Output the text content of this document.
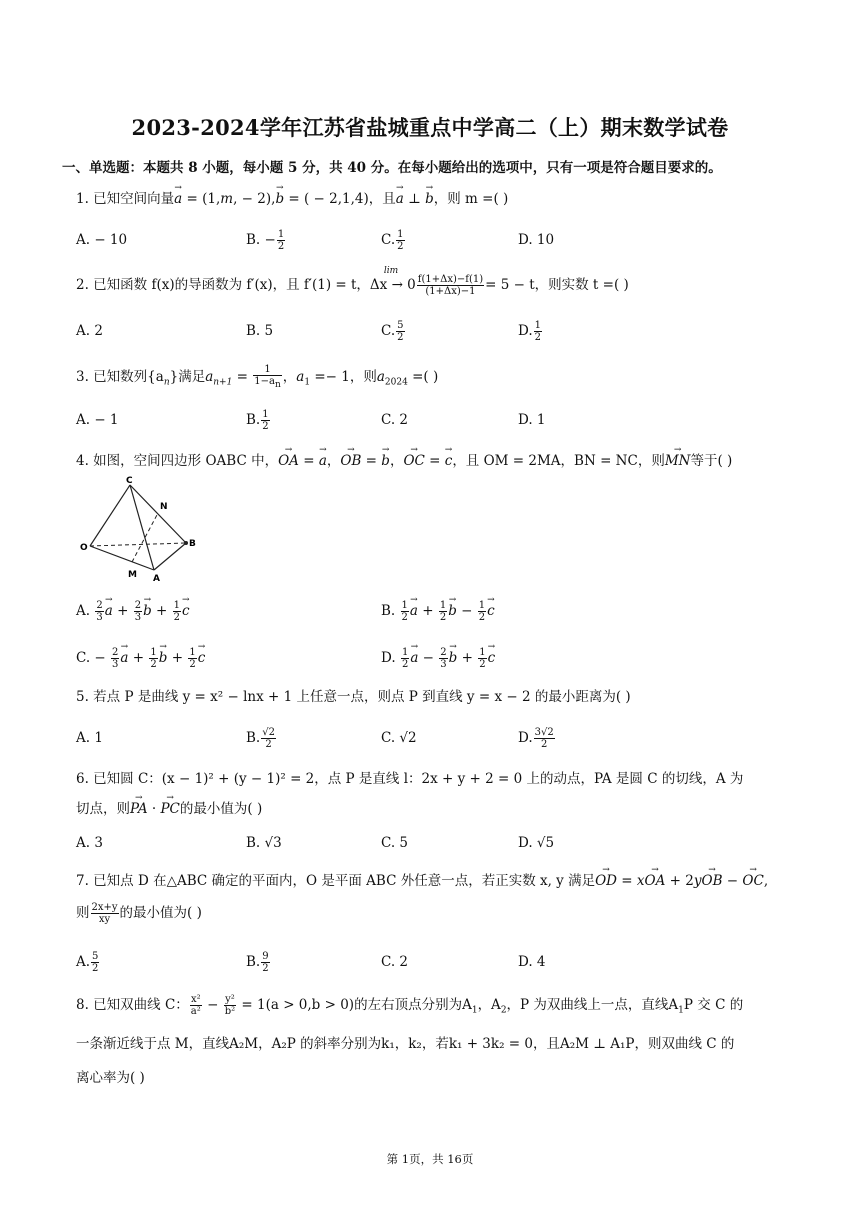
2023-2024学年江苏省盐城重点中学高二（上）期末数学试卷
一、单选题：本题共 8 小题，每小题 5 分，共 40 分。在每小题给出的选项中，只有一项是符合题目要求的。
1. 已知空间向量→ a = (1,m, − 2),→ b = ( − 2,1,4)，且→ a ⊥ → b，则 m =( )
A. − 10	B. − $\frac{1}{2}$	C. $\frac{1}{2}$	D. 10
2. 已知函数 f(x)的导函数为 f′(x)，且 f′(1) = t，Δx
lim
→ $0 \frac{f(1+\Delta x)-f(1)}{(1+\Delta x)-1} = 5 - t$，则实数 t =( )
A. 2	B. 5	C. $\frac{5}{2}$	D. $\frac{1}{2}$
3. 已知数列$\{a_n\}$满足$a_{n+1} = \frac{1}{1-a_n}$ ，$a_1 =- 1$，则$a_{2024}$ =( )
A. − 1	B. $\frac{1}{2}$	C. 2	D. 1
4. 如图，空间四边形 OABC 中，→ OA = → a，→ OB = → b，→ OC = → c，且 OM = 2MA，BN = NC，则→ MN等于( )
C
N
O	B
M A
A. $\frac{2}{3}$
→ $a + \frac{2}{3}$
→ $b + \frac{1}{2}$
→ c	B. $\frac{1}{2}$
→ $a + \frac{1}{2}$
→ $b - \frac{1}{2}$
→ c
C. − $\frac{2}{3}$
→ $a + \frac{1}{2}$
→ $b + \frac{1}{2}$
→ c	D. $\frac{1}{2}$
→ $a - \frac{2}{3}$
→ $b + \frac{1}{2}$
→ c
5. 若点 P 是曲线 y = x² − lnx + 1 上任意一点，则点 P 到直线 y = x − 2 的最小距离为( )
A. 1	B. $\frac{√2}{2}$	C. √2	D. $\frac{3√2}{2}$
6. 已知圆 C：(x − 1)² + (y − 1)² = 2，点 P 是直线 l：2x + y + 2 = 0 上的动点，PA 是圆 C 的切线，A 为
切点，则→ PA · → PC的最小值为( )
A. 3	B. √3	C. 5	D. √5
7. 已知点 D 在△ABC 确定的平面内，O 是平面 ABC 外任意一点，若正实数 x, y 满足→ OD = x→ OA + 2y→ OB − → OC,
则 $\frac{2x+y}{xy}$ 的最小值为( )
A. $\frac{5}{2}$	B. $\frac{9}{2}$	C. 2	D. 4
8. 已知双曲线 C： $\frac{\text{x²}}{\text{a²}} - \frac{\text{y²}}{\text{b²}} = 1(a > 0,b > 0)$的左右顶点分别为$A_1$，$A_2$，P 为双曲线上一点，直线$A_1P$ 交 C 的
一条渐近线于点 M，直线A₂M，A₂P 的斜率分别为k₁，k₂，若k₁ + 3k₂ = 0，且A₂M ⊥ A₁P，则双曲线 C 的
离心率为( )
第 1页，共 16页
